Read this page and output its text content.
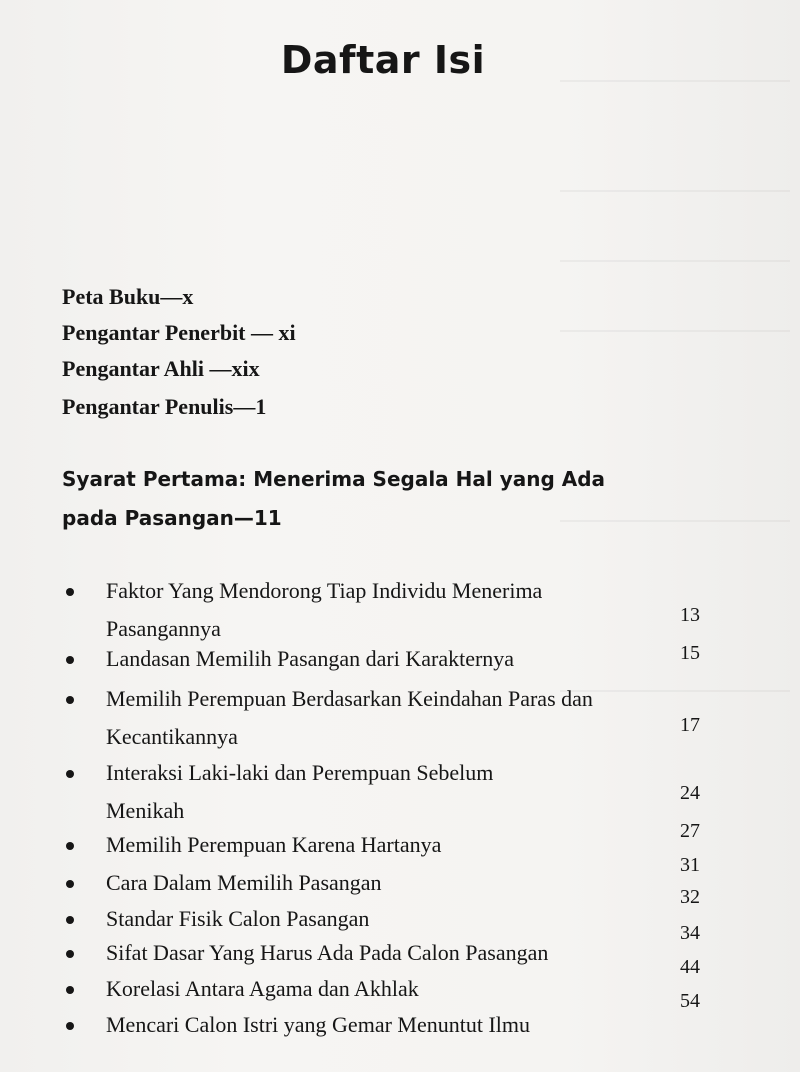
Daftar Isi
Peta Buku—x
Pengantar Penerbit — xi
Pengantar Ahli —xix
Pengantar Penulis—1
Syarat Pertama: Menerima Segala Hal yang Ada
pada Pasangan—11
Faktor Yang Mendorong Tiap Individu Menerima Pasangannya
13
Landasan Memilih Pasangan dari Karakternya	15
Memilih Perempuan Berdasarkan Keindahan Paras dan Kecantikannya	17
Interaksi Laki-laki dan Perempuan Sebelum Menikah
24
Memilih Perempuan Karena Hartanya
27
Cara Dalam Memilih Pasangan
31
Standar Fisik Calon Pasangan
32
Sifat Dasar Yang Harus Ada Pada Calon Pasangan
34
Korelasi Antara Agama dan Akhlak
44
Mencari Calon Istri yang Gemar Menuntut Ilmu
54
